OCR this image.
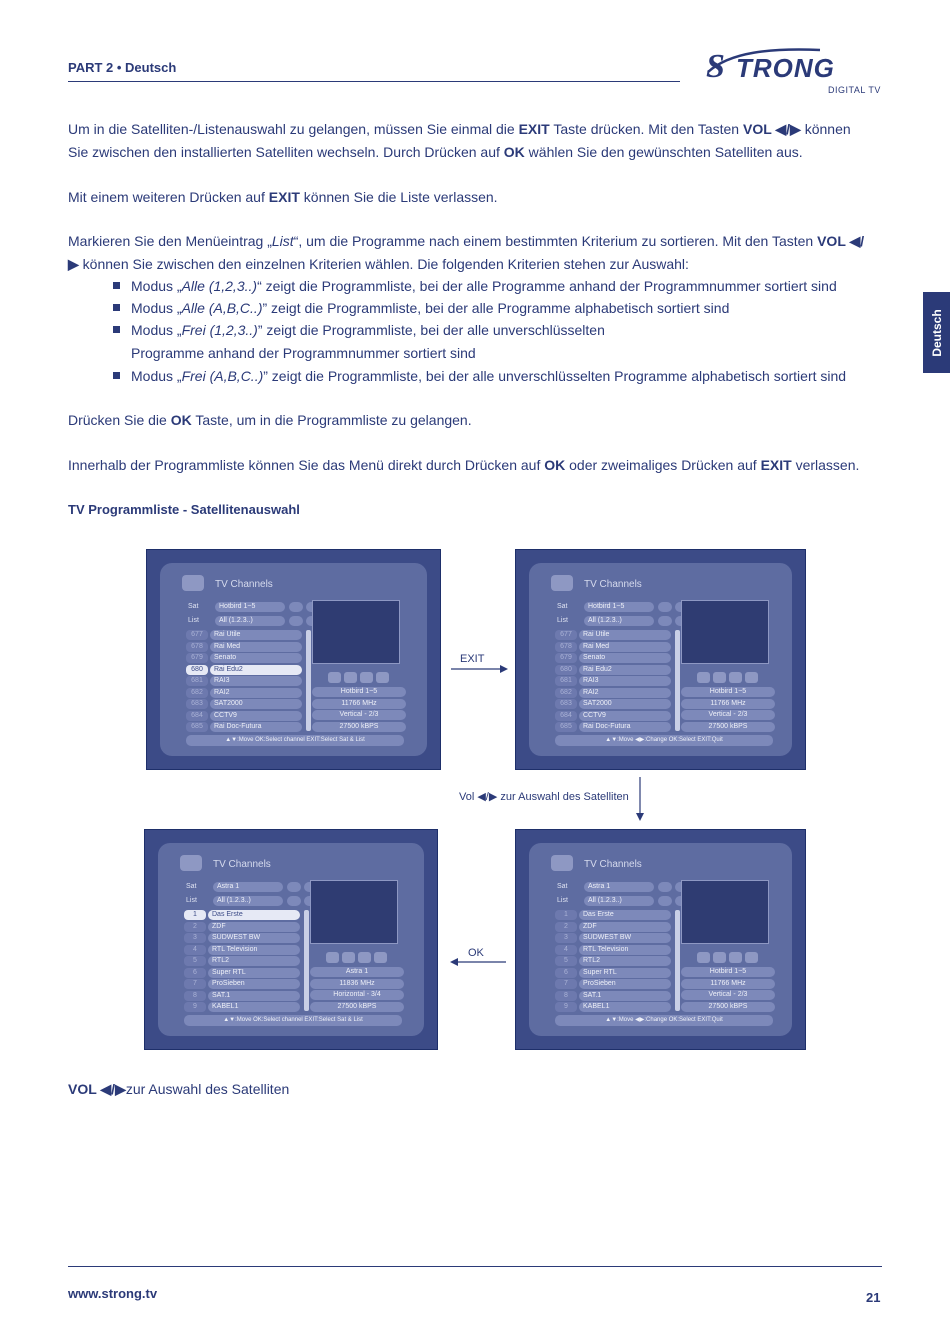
PART 2 • Deutsch	S TRONG
DIGITAL TV
Deutsch
Um in die Satelliten-/Listenauswahl zu gelangen, müssen Sie einmal die EXIT Taste drücken. Mit den Tasten VOL ◀/▶ können Sie zwischen den installierten Satelliten wechseln. Durch Drücken auf OK wählen Sie den gewünschten Satelliten aus.
Mit einem weiteren Drücken auf EXIT können Sie die Liste verlassen.
Markieren Sie den Menüeintrag „List“, um die Programme nach einem bestimmten Kriterium zu sortieren. Mit den Tasten VOL ◀/▶ können Sie zwischen den einzelnen Kriterien wählen. Die folgenden Kriterien stehen zur Auswahl:
Modus „Alle (1,2,3..)“ zeigt die Programmliste, bei der alle Programme anhand der Programmnummer sortiert sind
Modus „Alle (A,B,C..)” zeigt die Programmliste, bei der alle Programme alphabetisch sortiert sind
Modus „Frei (1,2,3..)” zeigt die Programmliste, bei der alle unverschlüsselten
Programme anhand der Programmnummer sortiert sind
Modus „Frei (A,B,C..)” zeigt die Programmliste, bei der alle unverschlüsselten Programme alphabetisch sortiert sind
Drücken Sie die OK Taste, um in die Programmliste zu gelangen.
Innerhalb der Programmliste können Sie das Menü direkt durch Drücken auf OK oder zweimaliges Drücken auf EXIT verlassen.
TV Programmliste - Satellitenauswahl
TV Channels
Sat	Hotbird 1~5
List	All (1.2.3..)
677	Rai Utile
678	Rai Med
679	Senato
680	Rai Edu2
681	RAI3
682	RAI2
683	SAT2000
684	CCTV9
685	Rai Doc-Futura
Hotbird 1~5
11766 MHz
Vertical - 2/3
27500 kBPS
▲▼:Move OK:Select channel EXIT:Select Sat & List
TV Channels
Sat	Hotbird 1~5
List	All (1.2.3..)
677	Rai Utile
678	Rai Med
679	Senato
680	Rai Edu2
681	RAI3
682	RAI2
683	SAT2000
684	CCTV9
685	Rai Doc-Futura
Hotbird 1~5
11766 MHz
Vertical - 2/3
27500 kBPS
▲▼:Move ◀▶:Change OK:Select EXIT:Quit
TV Channels
Sat	Astra 1
List	All (1.2.3..)
1	Das Erste
2	ZDF
3	SÜDWEST BW
4	RTL Television
5	RTL2
6	Super RTL
7	ProSieben
8	SAT.1
9	KABEL1
Astra 1
11836 MHz
Horizontal - 3/4
27500 kBPS
▲▼:Move OK:Select channel EXIT:Select Sat & List
TV Channels
Sat	Astra 1
List	All (1.2.3..)
1	Das Erste
2	ZDF
3	SÜDWEST BW
4	RTL Television
5	RTL2
6	Super RTL
7	ProSieben
8	SAT.1
9	KABEL1
Hotbird 1~5
11766 MHz
Vertical - 2/3
27500 kBPS
▲▼:Move ◀▶:Change OK:Select EXIT:Quit
EXIT
Vol ◀/▶ zur Auswahl des Satelliten
OK
VOL ◀/▶zur Auswahl des Satelliten
www.strong.tv	21
